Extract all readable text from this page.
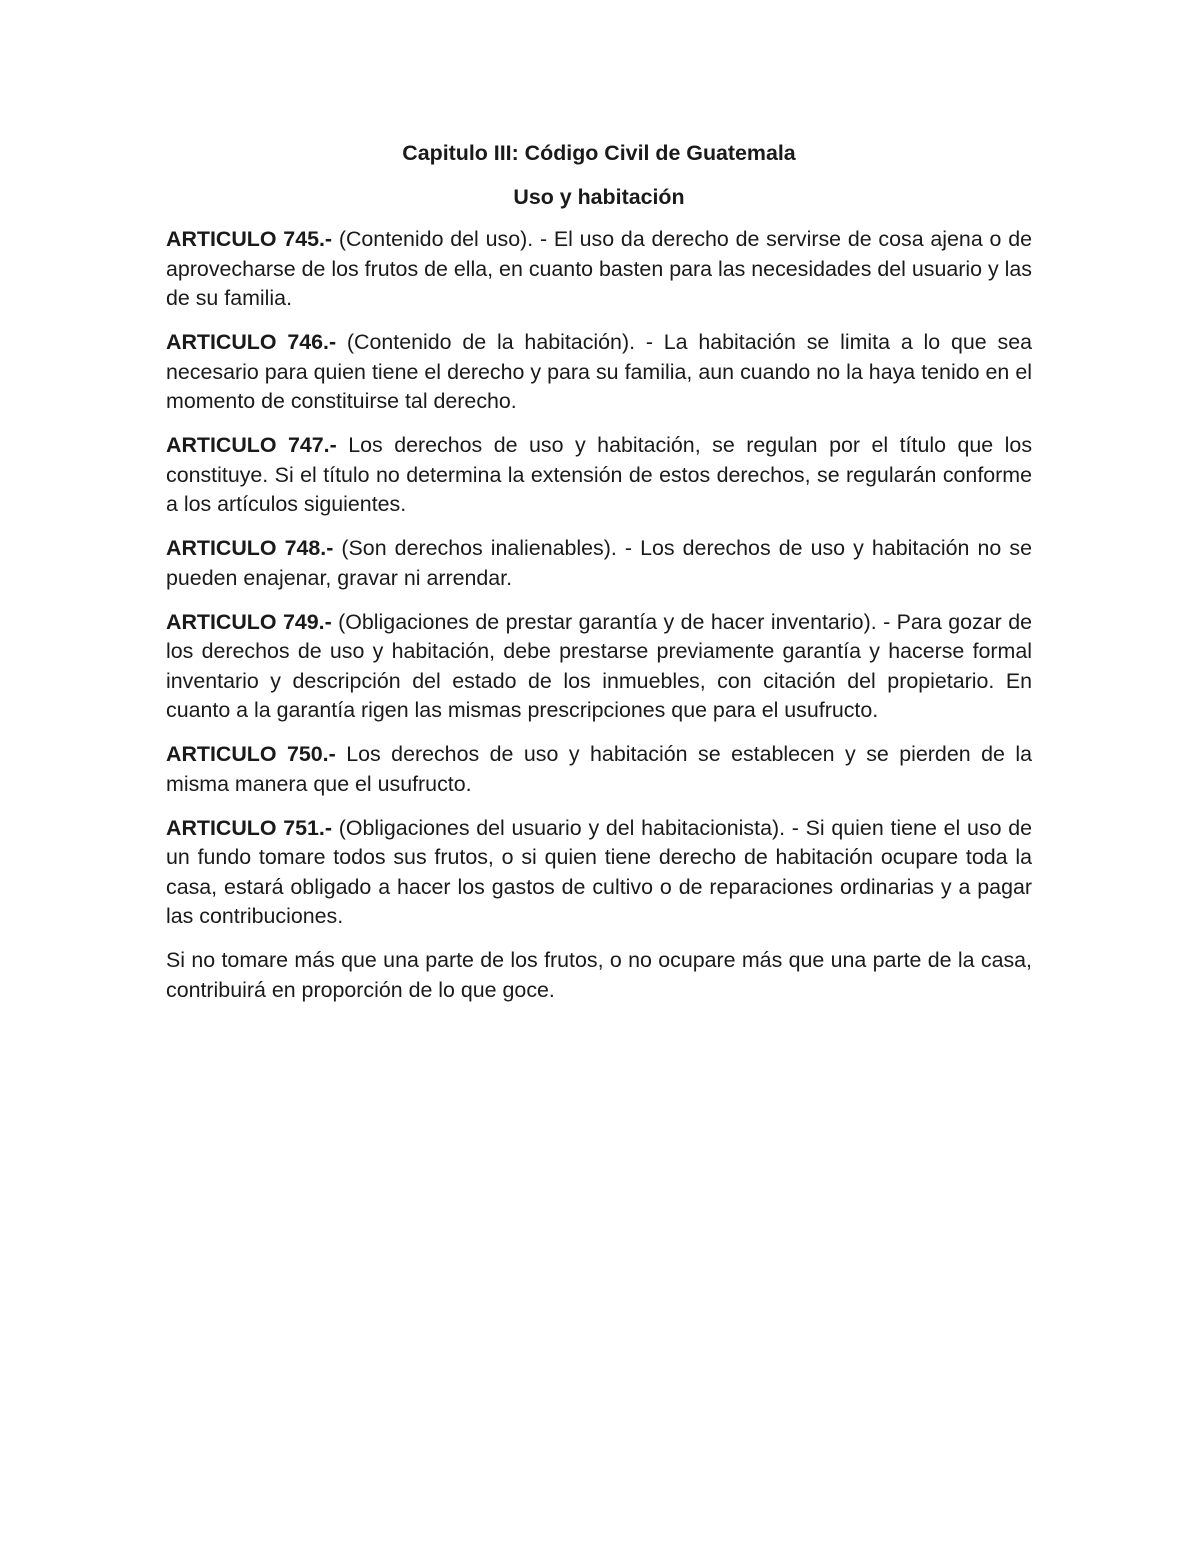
Capitulo III: Código Civil de Guatemala

Uso y habitación

ARTICULO 745.- (Contenido del uso). - El uso da derecho de servirse de cosa ajena o de aprovecharse de los frutos de ella, en cuanto basten para las necesidades del usuario y las de su familia.

ARTICULO 746.- (Contenido de la habitación). - La habitación se limita a lo que sea necesario para quien tiene el derecho y para su familia, aun cuando no la haya tenido en el momento de constituirse tal derecho.

ARTICULO 747.- Los derechos de uso y habitación, se regulan por el título que los constituye. Si el título no determina la extensión de estos derechos, se regularán conforme a los artículos siguientes.

ARTICULO 748.- (Son derechos inalienables). - Los derechos de uso y habitación no se pueden enajenar, gravar ni arrendar.

ARTICULO 749.- (Obligaciones de prestar garantía y de hacer inventario). - Para gozar de los derechos de uso y habitación, debe prestarse previamente garantía y hacerse formal inventario y descripción del estado de los inmuebles, con citación del propietario. En cuanto a la garantía rigen las mismas prescripciones que para el usufructo.

ARTICULO 750.- Los derechos de uso y habitación se establecen y se pierden de la misma manera que el usufructo.

ARTICULO 751.- (Obligaciones del usuario y del habitacionista). - Si quien tiene el uso de un fundo tomare todos sus frutos, o si quien tiene derecho de habitación ocupare toda la casa, estará obligado a hacer los gastos de cultivo o de reparaciones ordinarias y a pagar las contribuciones.

Si no tomare más que una parte de los frutos, o no ocupare más que una parte de la casa, contribuirá en proporción de lo que goce.
